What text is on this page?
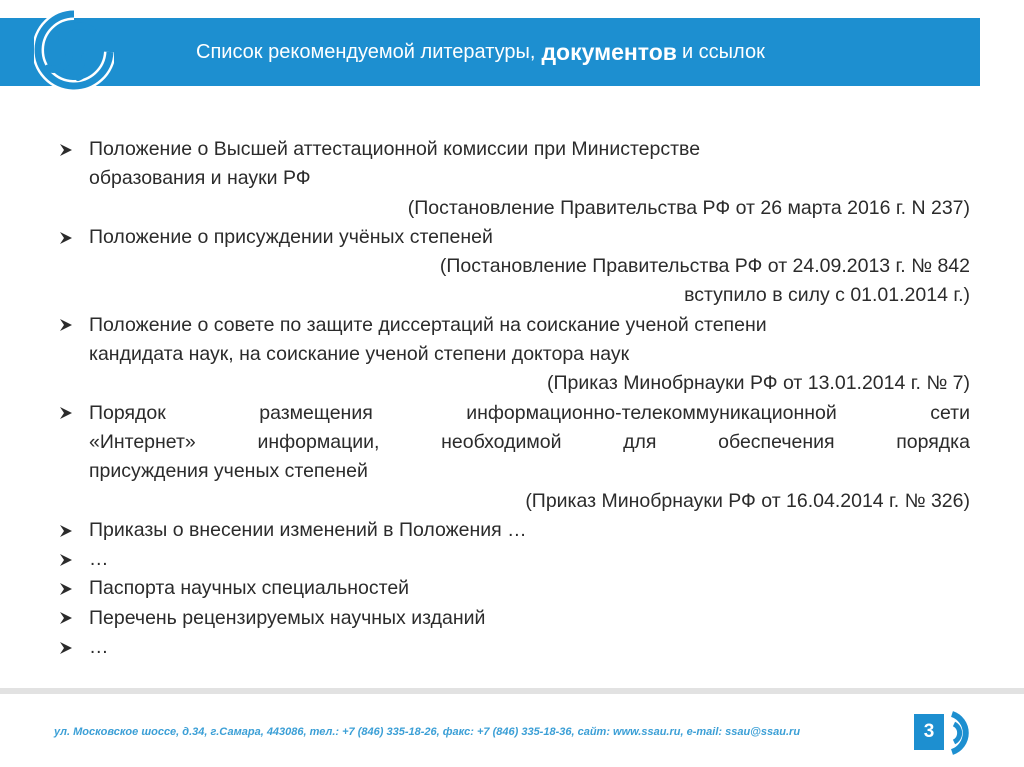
Список рекомендуемой литературы, документов и ссылок
Положение о Высшей аттестационной комиссии при Министерстве
образования и науки РФ
(Постановление Правительства РФ от 26 марта 2016 г. N 237)
Положение о присуждении учёных степеней
(Постановление Правительства РФ от 24.09.2013 г. № 842
вступило в силу с 01.01.2014 г.)
Положение о совете по защите диссертаций на соискание ученой степени
кандидата наук, на соискание ученой степени доктора наук
(Приказ Минобрнауки РФ от 13.01.2014 г. № 7)
Порядок	размещения	информационно-телекоммуникационной	сети
«Интернет»	информации,	необходимой	для	обеспечения	порядка
присуждения ученых степеней
(Приказ Минобрнауки РФ от 16.04.2014 г. № 326)
Приказы о внесении изменений в Положения …
…
Паспорта научных специальностей
Перечень рецензируемых научных изданий
…
ул. Московское шоссе, д.34, г.Самара, 443086, тел.: +7 (846) 335-18-26, факс: +7 (846) 335-18-36, сайт: www.ssau.ru, e-mail: ssau@ssau.ru	3
